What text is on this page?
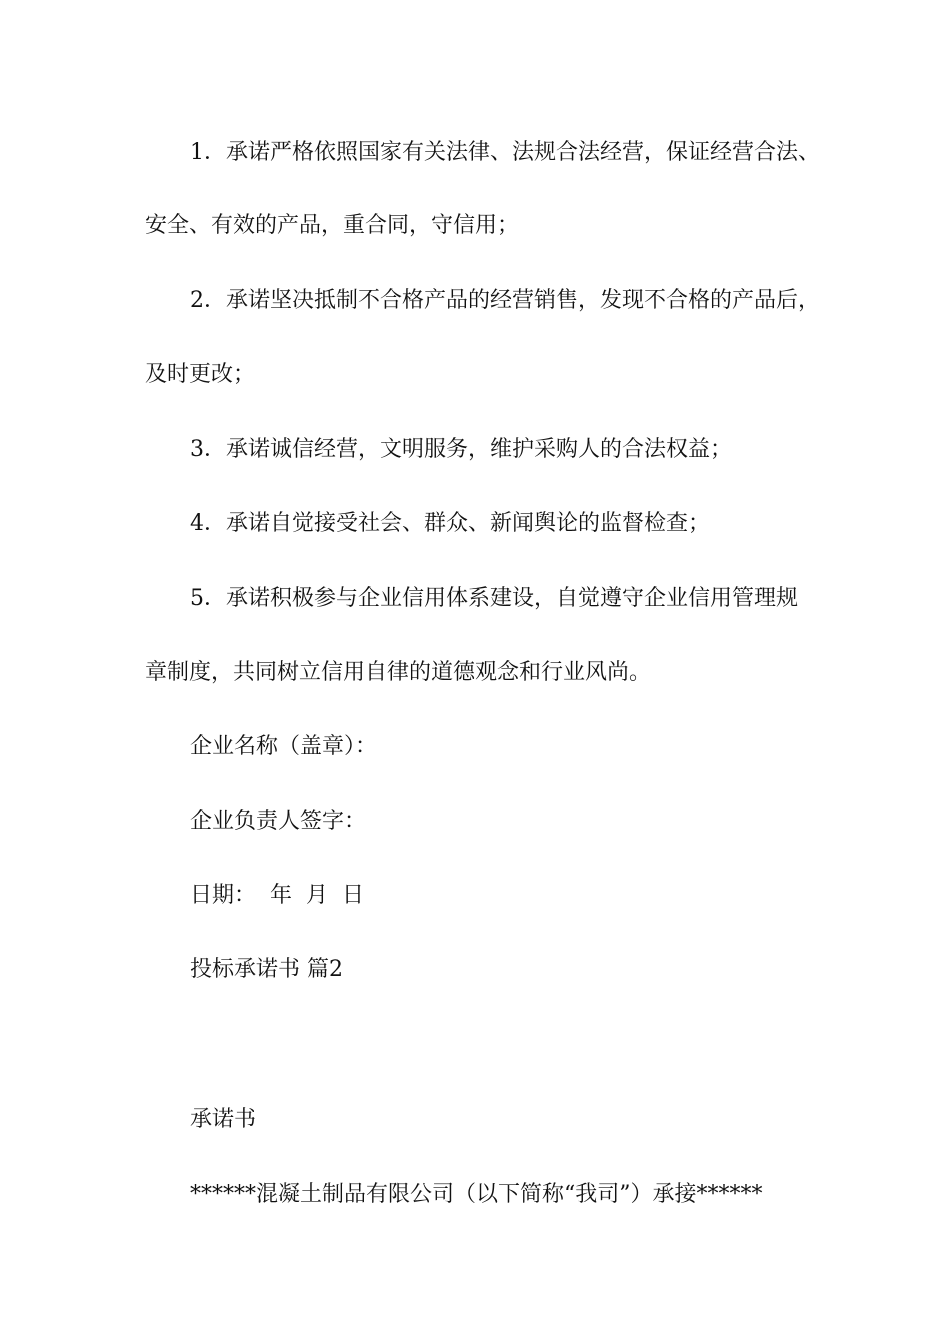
1．承诺严格依照国家有关法律、法规合法经营，保证经营合法、
安全、有效的产品，重合同，守信用；
2．承诺坚决抵制不合格产品的经营销售，发现不合格的产品后，
及时更改；
3．承诺诚信经营，文明服务，维护采购人的合法权益；
4．承诺自觉接受社会、群众、新闻舆论的监督检查；
5．承诺积极参与企业信用体系建设，自觉遵守企业信用管理规
章制度，共同树立信用自律的道德观念和行业风尚。
企业名称（盖章）：
企业负责人签字：
日期：  年  月  日
投标承诺书 篇2
承诺书
******混凝土制品有限公司（以下简称“我司”）承接******
